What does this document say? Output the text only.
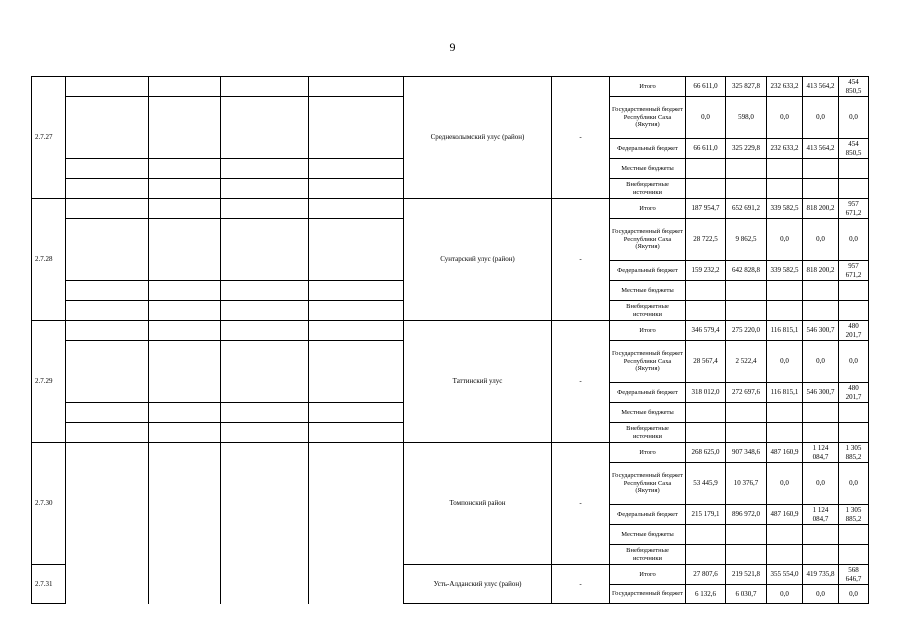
9
2.7.27					Среднеколымский улус (район)	-	Итого	66 611,0	325 827,8	232 633,2	413 564,2	454 850,5
							Государственный бюджет Республики Саха (Якутия)	0,0	598,0	0,0	0,0	0,0
							Федеральный бюджет	66 611,0	325 229,8	232 633,2	413 564,2	454 850,5
							Местные бюджеты					
							Внебюджетные источники					
2.7.28					Сунтарский улус (район)	-	Итого	187 954,7	652 691,2	339 582,5	818 200,2	957 671,2
							Государственный бюджет Республики Саха (Якутия)	28 722,5	9 862,5	0,0	0,0	0,0
							Федеральный бюджет	159 232,2	642 828,8	339 582,5	818 200,2	957 671,2
							Местные бюджеты					
							Внебюджетные источники					
2.7.29					Таттинский улус	-	Итого	346 579,4	275 220,0	116 815,1	546 300,7	480 201,7
							Государственный бюджет Республики Саха (Якутия)	28 567,4	2 522,4	0,0	0,0	0,0
							Федеральный бюджет	318 012,0	272 697,6	116 815,1	546 300,7	480 201,7
							Местные бюджеты					
							Внебюджетные источники					
2.7.30					Томпонский район	-	Итого	268 625,0	907 348,6	487 160,9	1 124 084,7	1 305 885,2
							Государственный бюджет Республики Саха (Якутия)	53 445,9	10 376,7	0,0	0,0	0,0
							Федеральный бюджет	215 179,1	896 972,0	487 160,9	1 124 084,7	1 305 885,2
							Местные бюджеты					
							Внебюджетные источники					
2.7.31					Усть-Алданский улус (район)	-	Итого	27 807,6	219 521,8	355 554,0	419 735,8	568 646,7
							Государственный бюджет	6 132,6	6 030,7	0,0	0,0	0,0
